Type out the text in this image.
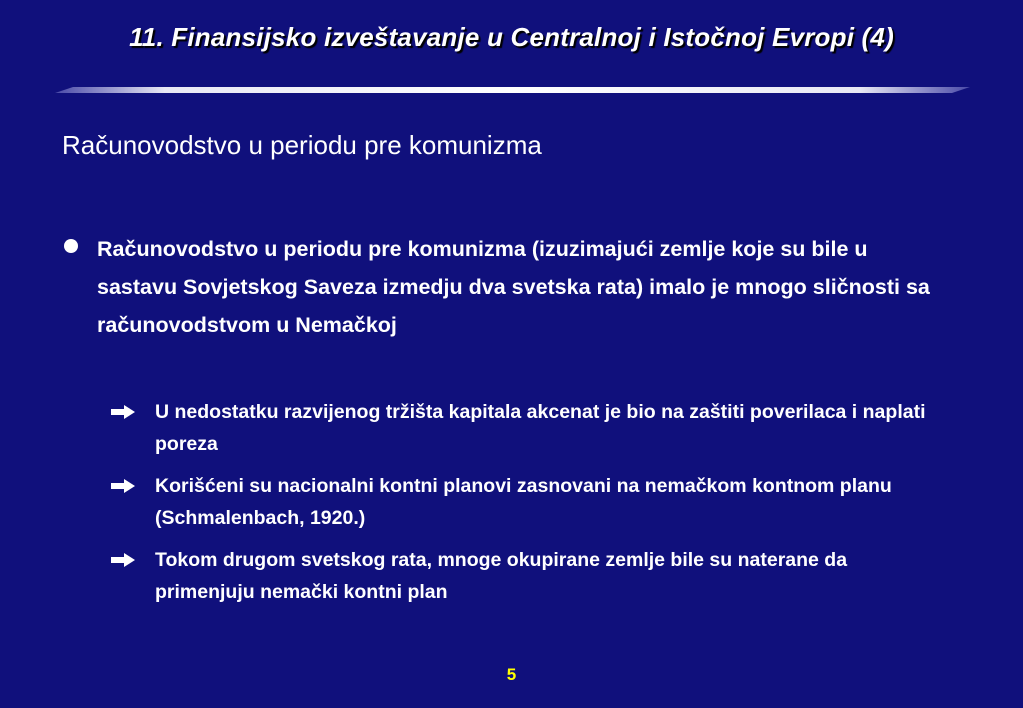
11. Finansijsko izveštavanje u Centralnoj i Istočnoj Evropi (4)
Računovodstvo u periodu pre komunizma
Računovodstvo u periodu pre komunizma (izuzimajući zemlje koje su bile u sastavu Sovjetskog Saveza izmedju dva svetska rata) imalo je mnogo sličnosti sa računovodstvom u Nemačkoj
U nedostatku razvijenog tržišta kapitala akcenat je bio na zaštiti poverilaca i naplati poreza
Korišćeni su nacionalni kontni planovi zasnovani na nemačkom kontnom planu (Schmalenbach, 1920.)
Tokom drugom svetskog rata, mnoge okupirane zemlje bile su naterane da primenjuju nemački kontni plan
5
